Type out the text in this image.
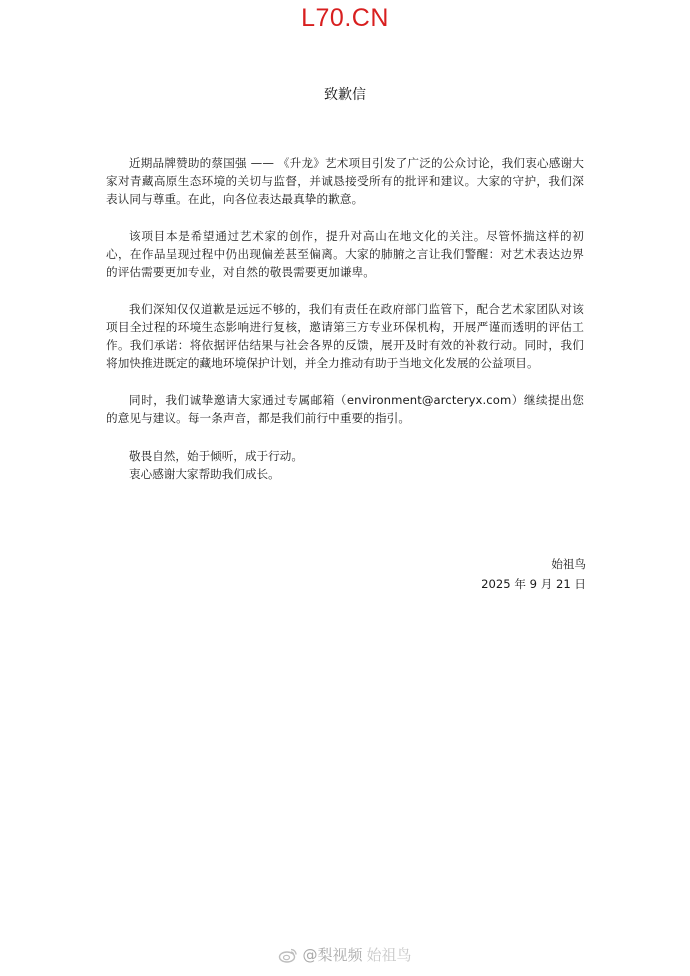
L70.CN
致歉信

近期品牌赞助的蔡国强 —— 《升龙》艺术项目引发了广泛的公众讨论，我们衷心感谢大家对青藏高原生态环境的关切与监督，并诚恳接受所有的批评和建议。大家的守护，我们深表认同与尊重。在此，向各位表达最真挚的歉意。

该项目本是希望通过艺术家的创作，提升对高山在地文化的关注。尽管怀揣这样的初心，在作品呈现过程中仍出现偏差甚至偏离。大家的肺腑之言让我们警醒：对艺术表达边界的评估需要更加专业，对自然的敬畏需要更加谦卑。

我们深知仅仅道歉是远远不够的，我们有责任在政府部门监管下，配合艺术家团队对该项目全过程的环境生态影响进行复核，邀请第三方专业环保机构，开展严谨而透明的评估工作。我们承诺：将依据评估结果与社会各界的反馈，展开及时有效的补救行动。同时，我们将加快推进既定的藏地环境保护计划，并全力推动有助于当地文化发展的公益项目。

同时，我们诚挚邀请大家通过专属邮箱（environment@arcteryx.com）继续提出您的意见与建议。每一条声音，都是我们前行中重要的指引。

敬畏自然，始于倾听，成于行动。
衷心感谢大家帮助我们成长。
始祖鸟
2025 年 9 月 21 日
@梨视频 始祖鸟
